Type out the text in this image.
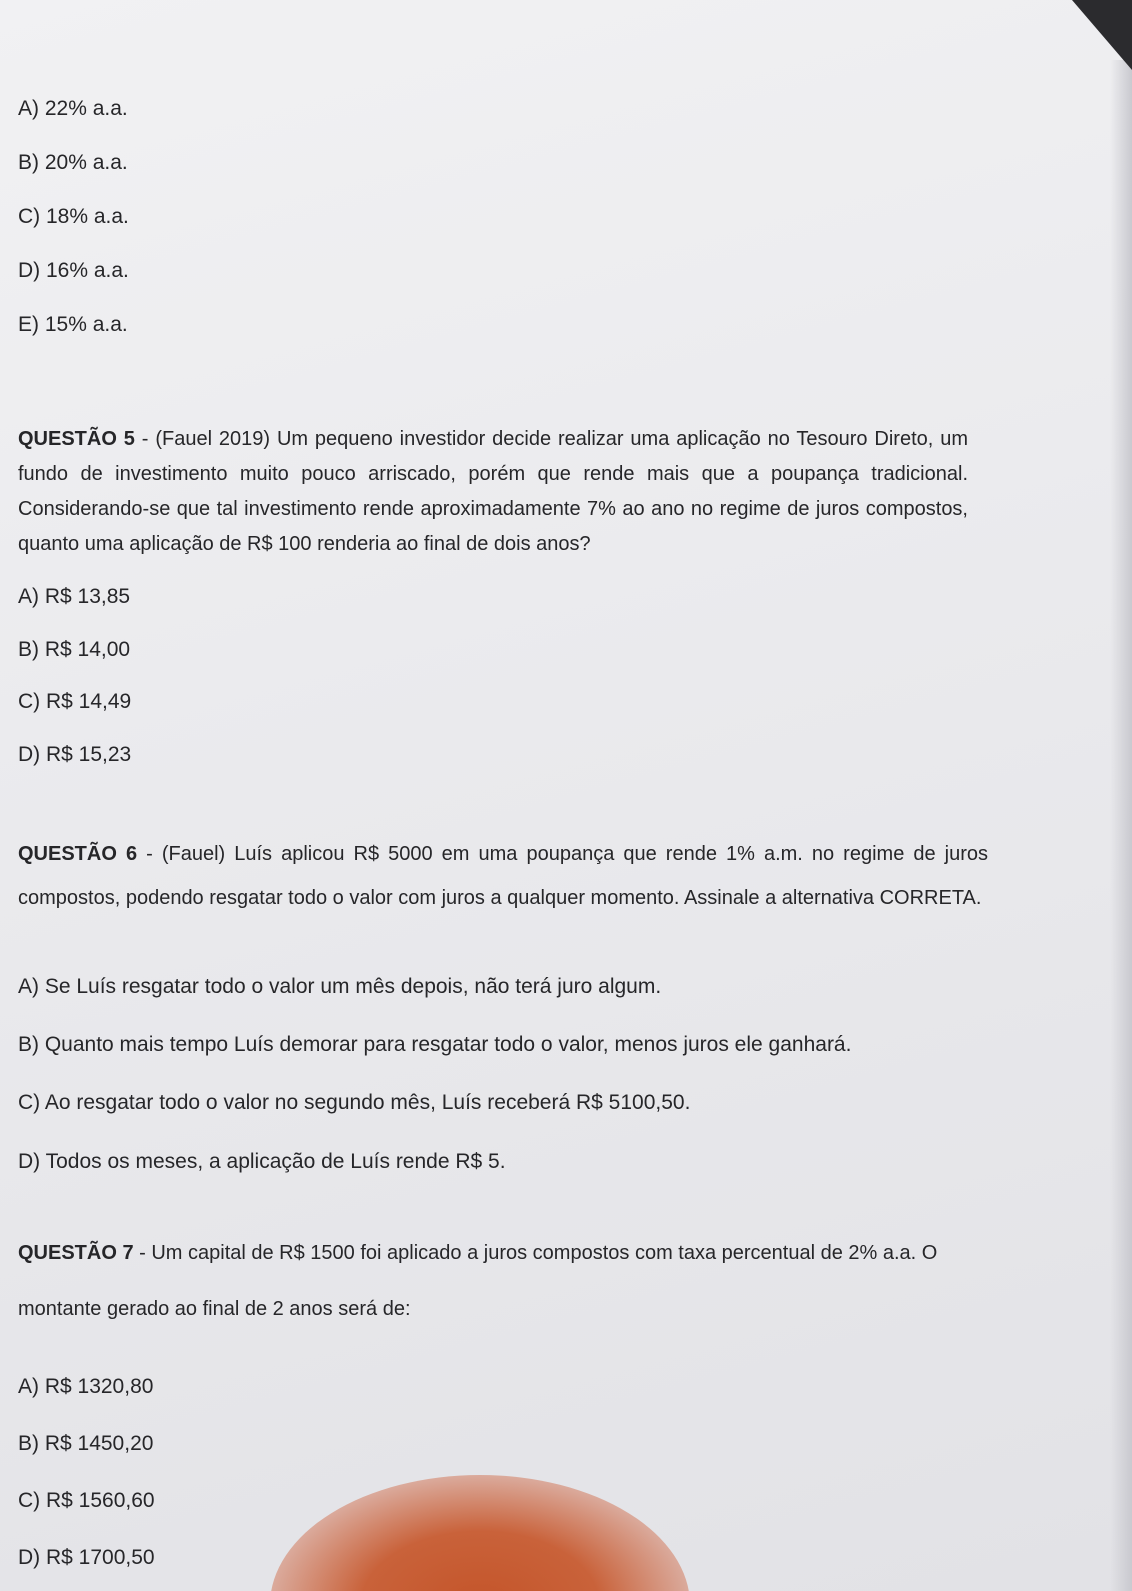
A) 22% a.a.
B) 20% a.a.
C) 18% a.a.
D) 16% a.a.
E) 15% a.a.
QUESTÃO 5 - (Fauel 2019) Um pequeno investidor decide realizar uma aplicação no Tesouro Direto, um fundo de investimento muito pouco arriscado, porém que rende mais que a poupança tradicional. Considerando-se que tal investimento rende aproximadamente 7% ao ano no regime de juros compostos, quanto uma aplicação de R$ 100 renderia ao final de dois anos?
A) R$ 13,85
B) R$ 14,00
C) R$ 14,49
D) R$ 15,23
QUESTÃO 6 - (Fauel) Luís aplicou R$ 5000 em uma poupança que rende 1% a.m. no regime de juros compostos, podendo resgatar todo o valor com juros a qualquer momento. Assinale a alternativa CORRETA.
A) Se Luís resgatar todo o valor um mês depois, não terá juro algum.
B) Quanto mais tempo Luís demorar para resgatar todo o valor, menos juros ele ganhará.
C) Ao resgatar todo o valor no segundo mês, Luís receberá R$ 5100,50.
D) Todos os meses, a aplicação de Luís rende R$ 5.
QUESTÃO 7 - Um capital de R$ 1500 foi aplicado a juros compostos com taxa percentual de 2% a.a. O montante gerado ao final de 2 anos será de:
A) R$ 1320,80
B) R$ 1450,20
C) R$ 1560,60
D) R$ 1700,50
